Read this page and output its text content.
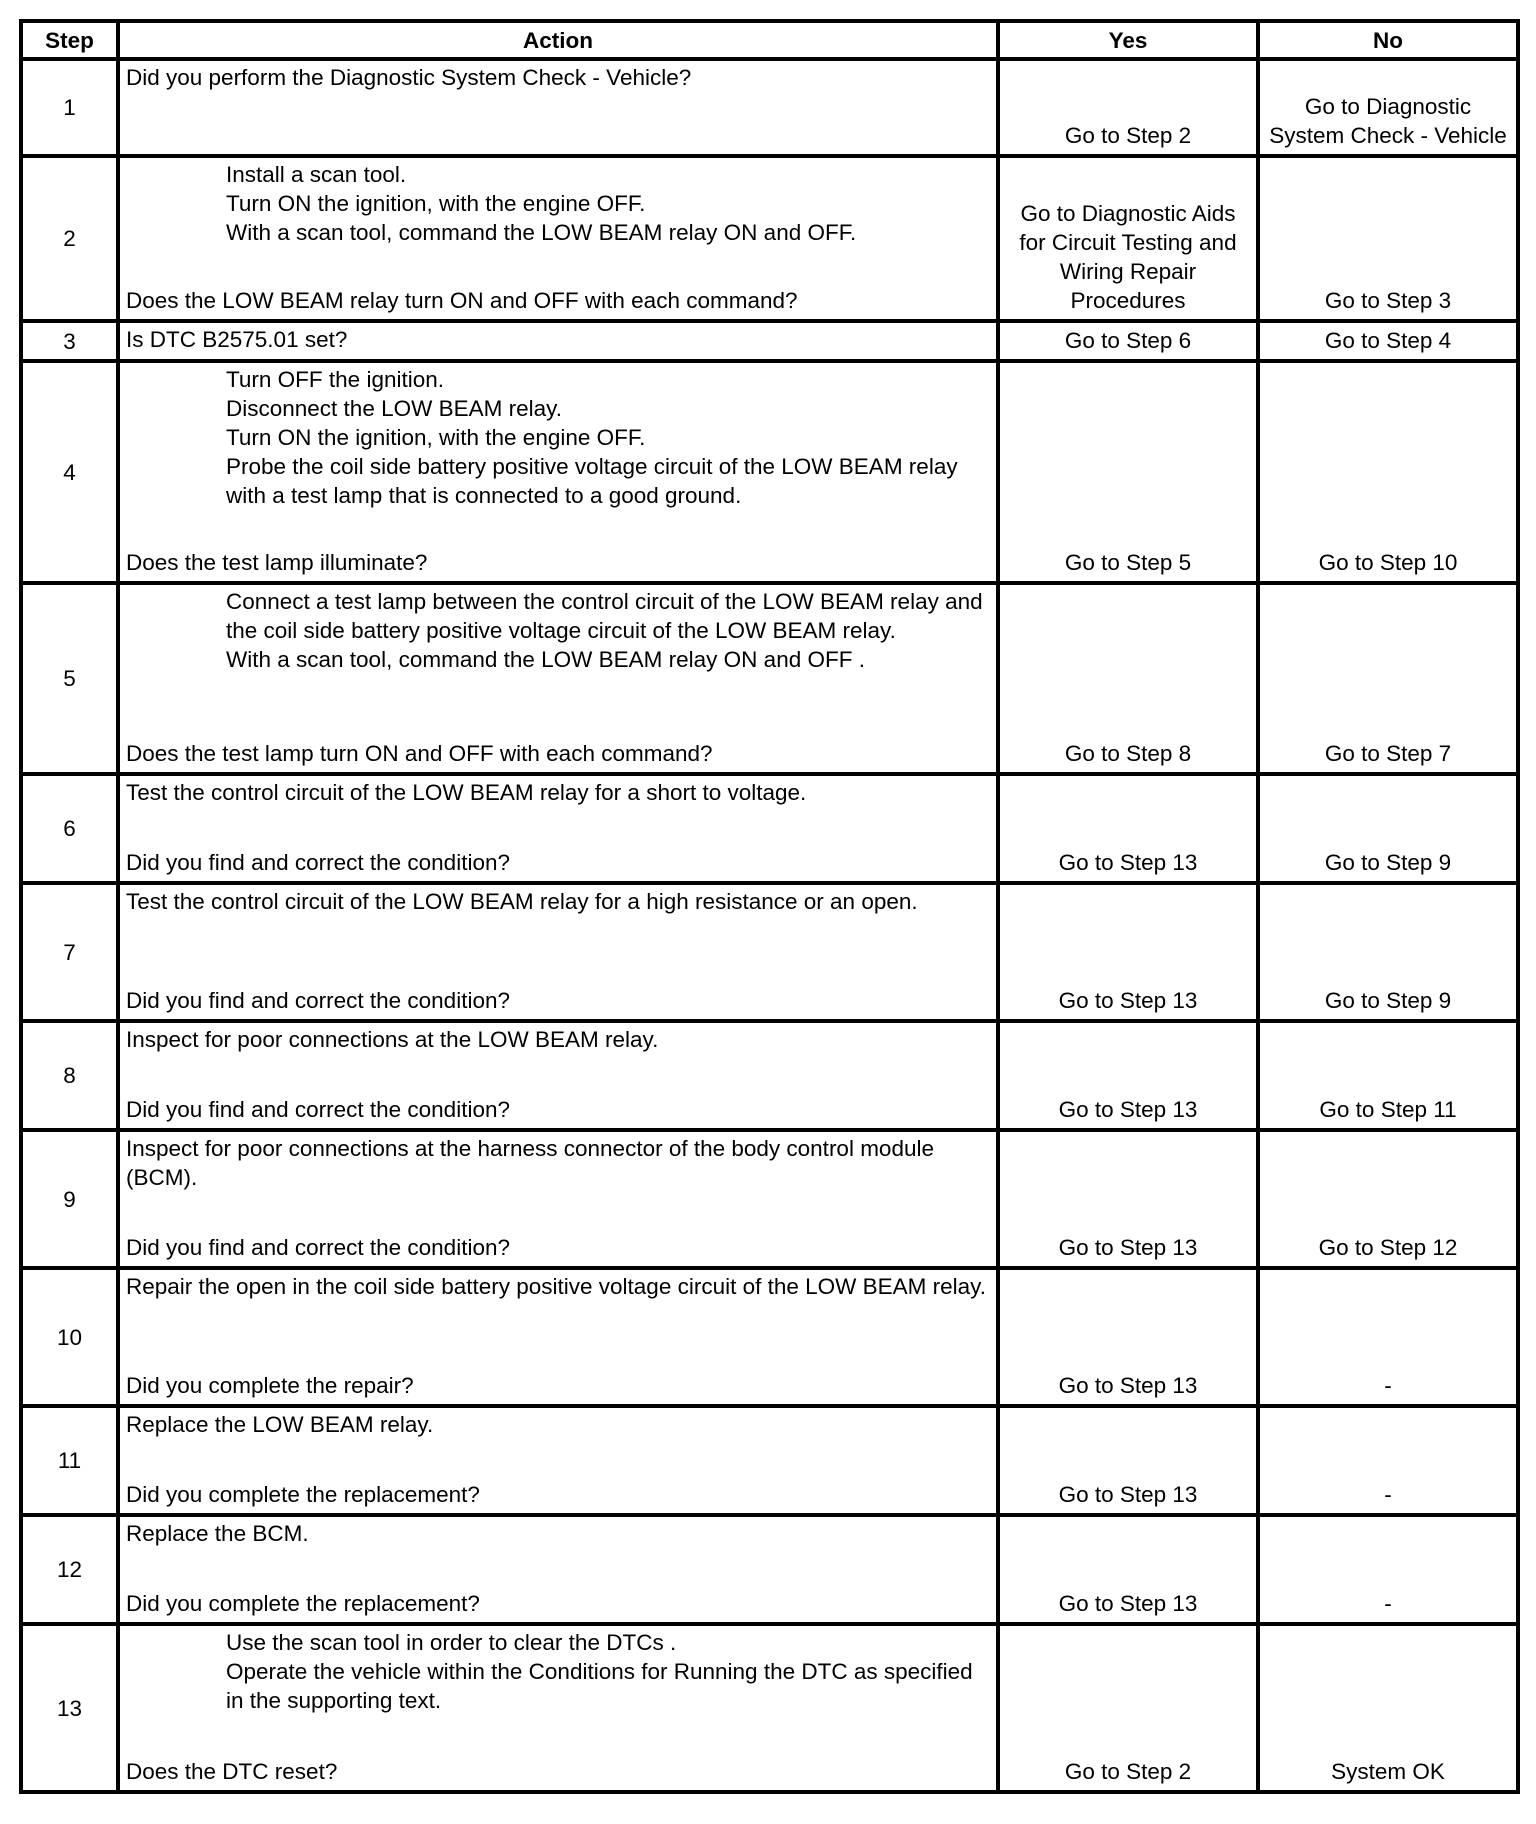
Step	Action	Yes	No
1	Did you perform the Diagnostic System Check - Vehicle?	Go to Step 2	Go to Diagnostic System Check - Vehicle
2	Install a scan tool.
Turn ON the ignition, with the engine OFF.
With a scan tool, command the LOW BEAM relay ON and OFF.
Does the LOW BEAM relay turn ON and OFF with each command?	Go to Diagnostic Aids for Circuit Testing and Wiring Repair Procedures	Go to Step 3
3	Is DTC B2575.01 set?	Go to Step 6	Go to Step 4
4	Turn OFF the ignition.
Disconnect the LOW BEAM relay.
Turn ON the ignition, with the engine OFF.
Probe the coil side battery positive voltage circuit of the LOW BEAM relay with a test lamp that is connected to a good ground.
Does the test lamp illuminate?	Go to Step 5	Go to Step 10
5	Connect a test lamp between the control circuit of the LOW BEAM relay and the coil side battery positive voltage circuit of the LOW BEAM relay.
With a scan tool, command the LOW BEAM relay ON and OFF .
Does the test lamp turn ON and OFF with each command?	Go to Step 8	Go to Step 7
6	Test the control circuit of the LOW BEAM relay for a short to voltage.
Did you find and correct the condition?	Go to Step 13	Go to Step 9
7	Test the control circuit of the LOW BEAM relay for a high resistance or an open.
Did you find and correct the condition?	Go to Step 13	Go to Step 9
8	Inspect for poor connections at the LOW BEAM relay.
Did you find and correct the condition?	Go to Step 13	Go to Step 11
9	Inspect for poor connections at the harness connector of the body control module (BCM).
Did you find and correct the condition?	Go to Step 13	Go to Step 12
10	Repair the open in the coil side battery positive voltage circuit of the LOW BEAM relay.
Did you complete the repair?	Go to Step 13	-
11	Replace the LOW BEAM relay.
Did you complete the replacement?	Go to Step 13	-
12	Replace the BCM.
Did you complete the replacement?	Go to Step 13	-
13	Use the scan tool in order to clear the DTCs .
Operate the vehicle within the Conditions for Running the DTC as specified in the supporting text.
Does the DTC reset?	Go to Step 2	System OK
